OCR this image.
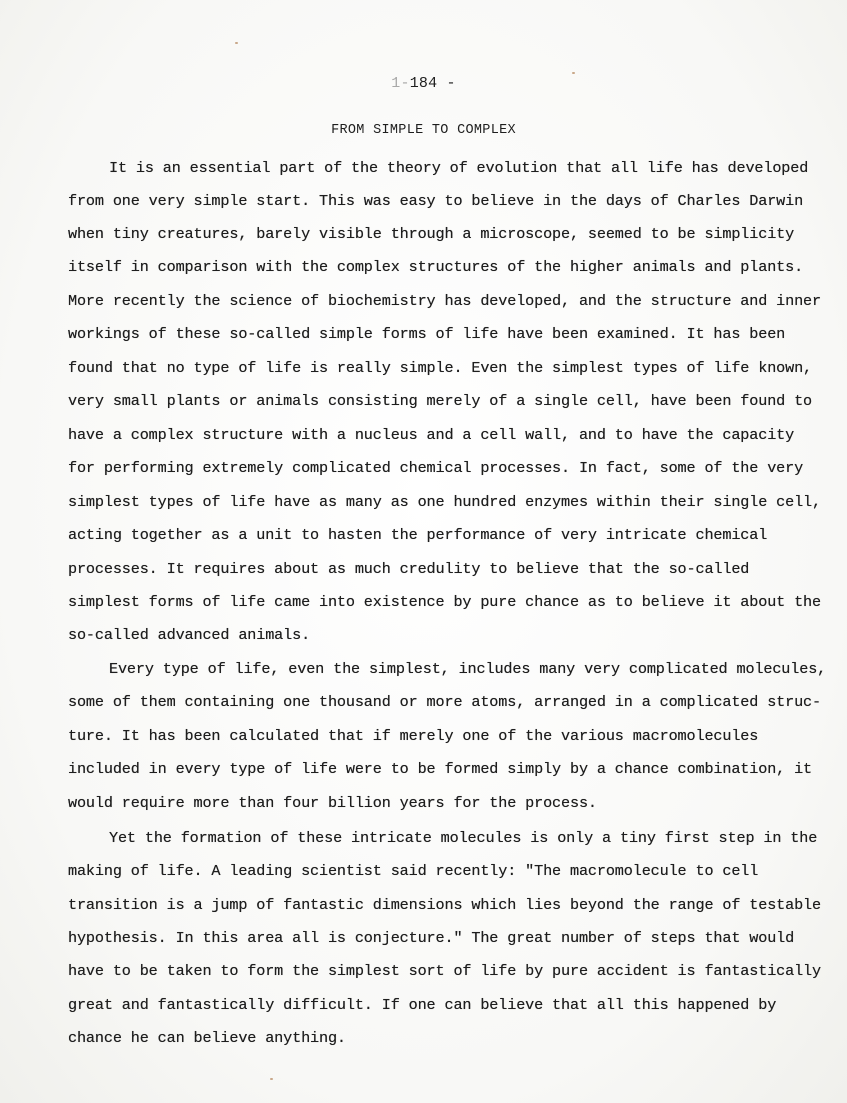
1-184 -
FROM SIMPLE TO COMPLEX
It is an essential part of the theory of evolution that all life has developed
from one very simple start. This was easy to believe in the days of Charles Darwin
when tiny creatures, barely visible through a microscope, seemed to be simplicity
itself in comparison with the complex structures of the higher animals and plants.
More recently the science of biochemistry has developed, and the structure and inner
workings of these so-called simple forms of life have been examined. It has been
found that no type of life is really simple. Even the simplest types of life known,
very small plants or animals consisting merely of a single cell, have been found to
have a complex structure with a nucleus and a cell wall, and to have the capacity
for performing extremely complicated chemical processes. In fact, some of the very
simplest types of life have as many as one hundred enzymes within their single cell,
acting together as a unit to hasten the performance of very intricate chemical
processes. It requires about as much credulity to believe that the so-called
simplest forms of life came into existence by pure chance as to believe it about the
so-called advanced animals.
Every type of life, even the simplest, includes many very complicated molecules,
some of them containing one thousand or more atoms, arranged in a complicated struc-
ture. It has been calculated that if merely one of the various macromolecules
included in every type of life were to be formed simply by a chance combination, it
would require more than four billion years for the process.
Yet the formation of these intricate molecules is only a tiny first step in the
making of life. A leading scientist said recently: "The macromolecule to cell
transition is a jump of fantastic dimensions which lies beyond the range of testable
hypothesis. In this area all is conjecture." The great number of steps that would
have to be taken to form the simplest sort of life by pure accident is fantastically
great and fantastically difficult. If one can believe that all this happened by
chance he can believe anything.
